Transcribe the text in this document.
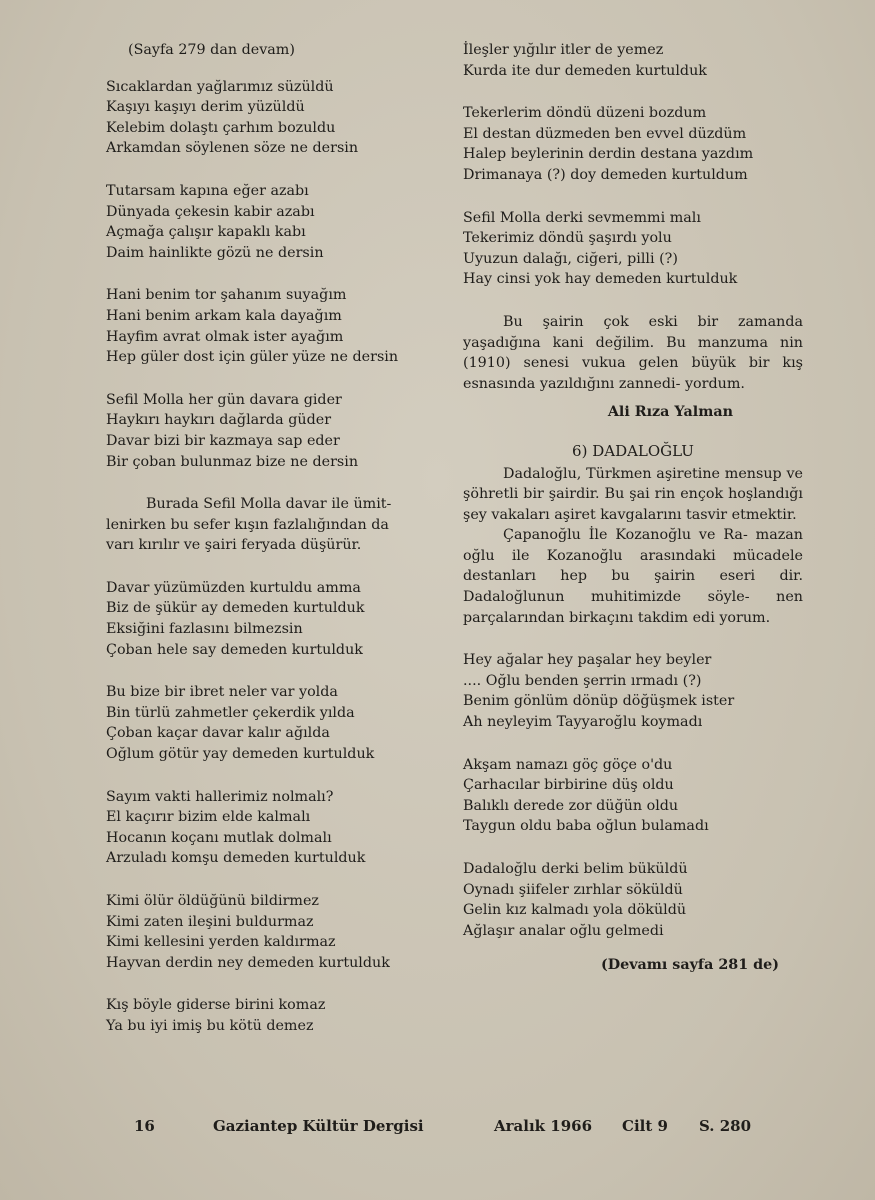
(Sayfa 279 dan devam)
Sıcaklardan yağlarımız süzüldü
Kaşıyı kaşıyı derim yüzüldü
Kelebim dolaştı çarhım bozuldu
Arkamdan söylenen söze ne dersin
Tutarsam kapına eğer azabı
Dünyada çekesin kabir azabı
Açmağa çalışır kapaklı kabı
Daim hainlikte gözü ne dersin
Hani benim tor şahanım suyağım
Hani benim arkam kala dayağım
Hayfim avrat olmak ister ayağım
Hep güler dost için güler yüze ne dersin
Sefil Molla her gün davara gider
Haykırı haykırı dağlarda güder
Davar bizi bir kazmaya sap eder
Bir çoban bulunmaz bize ne dersin
Burada Sefil Molla davar ile ümit-
lenirken bu sefer kışın fazlalığından da
varı kırılır ve şairi feryada düşürür.
Davar yüzümüzden kurtuldu amma
Biz de şükür ay demeden kurtulduk
Eksiğini fazlasını bilmezsin
Çoban hele say demeden kurtulduk
Bu bize bir ibret neler var yolda
Bin türlü zahmetler çekerdik yılda
Çoban kaçar davar kalır ağılda
Oğlum götür yay demeden kurtulduk
Sayım vakti hallerimiz nolmalı?
El kaçırır bizim elde kalmalı
Hocanın koçanı mutlak dolmalı
Arzuladı komşu demeden kurtulduk
Kimi ölür öldüğünü bildirmez
Kimi zaten ileşini buldurmaz
Kimi kellesini yerden kaldırmaz
Hayvan derdin ney demeden kurtulduk
Kış böyle giderse birini komaz
Ya bu iyi imiş bu kötü demez
İleşler yığılır itler de yemez
Kurda ite dur demeden kurtulduk
Tekerlerim döndü düzeni bozdum
El destan düzmeden ben evvel düzdüm
Halep beylerinin derdin destana yazdım
Drimanaya (?) doy demeden kurtuldum
Sefil Molla derki sevmemmi malı
Tekerimiz döndü şaşırdı yolu
Uyuzun dalağı, ciğeri, pilli (?)
Hay cinsi yok hay demeden kurtulduk

Bu şairin çok eski bir zamanda yaşadığına kani değilim. Bu manzuma nin (1910) senesi vukua gelen büyük bir kış esnasında yazıldığını zannedi- yordum.

Ali Rıza Yalman
6) DADALOĞLU

Dadaloğlu, Türkmen aşiretine mensup ve şöhretli bir şairdir. Bu şai rin ençok hoşlandığı şey vakaları aşiret kavgalarını tasvir etmektir.

Çapanoğlu İle Kozanoğlu ve Ra- mazan oğlu ile Kozanoğlu arasındaki mücadele destanları hep bu şairin eseri dir. Dadaloğlunun muhitimizde söyle- nen parçalarından birkaçını takdim edi yorum.

Hey ağalar hey paşalar hey beyler
.... Oğlu benden şerrin ırmadı (?)
Benim gönlüm dönüp döğüşmek ister
Ah neyleyim Tayyaroğlu koymadı
Akşam namazı göç göçe o'du
Çarhacılar birbirine düş oldu
Balıklı derede zor düğün oldu
Taygun oldu baba oğlun bulamadı
Dadaloğlu derki belim büküldü
Oynadı şiifeler zırhlar söküldü
Gelin kız kalmadı yola döküldü
Ağlaşır analar oğlu gelmedi
(Devamı sayfa 281 de)
16	Gaziantep Kültür Dergisi	Aralık 1966 Cilt 9 S. 280
